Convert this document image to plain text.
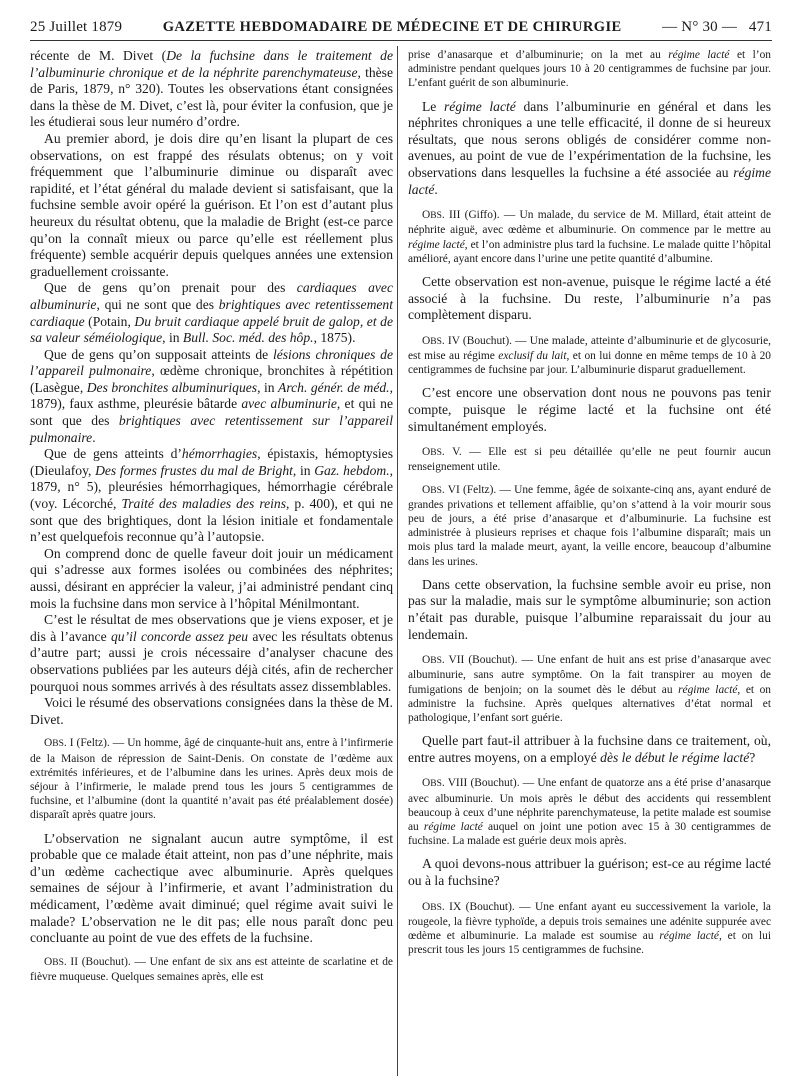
25 Juillet 1879	GAZETTE HEBDOMADAIRE DE MÉDECINE ET DE CHIRURGIE	— N° 30 — 471

récente de M. Divet (De la fuchsine dans le traitement de l’albuminurie chronique et de la néphrite parenchymateuse, thèse de Paris, 1879, n° 320). Toutes les observations étant consignées dans la thèse de M. Divet, c’est là, pour éviter la confusion, que je les étudierai sous leur numéro d’ordre.

Au premier abord, je dois dire qu’en lisant la plupart de ces observations, on est frappé des résulats obtenus; on y voit fréquemment que l’albuminurie diminue ou disparaît avec rapidité, et l’état général du malade devient si satisfaisant, que la fuchsine semble avoir opéré la guérison. Et l’on est d’autant plus heureux du résultat obtenu, que la maladie de Bright (est-ce parce qu’on la connaît mieux ou parce qu’elle est réellement plus fréquente) semble acquérir depuis quelques années une extension graduellement croissante.

Que de gens qu’on prenait pour des cardiaques avec albuminurie, qui ne sont que des brightiques avec retentissement cardiaque (Potain, Du bruit cardiaque appelé bruit de galop, et de sa valeur séméiologique, in Bull. Soc. méd. des hôp., 1875).

Que de gens qu’on supposait atteints de lésions chroniques de l’appareil pulmonaire, œdème chronique, bronchites à répétition (Lasègue, Des bronchites albuminuriques, in Arch. génér. de méd., 1879), faux asthme, pleurésie bâtarde avec albuminurie, et qui ne sont que des brightiques avec retentissement sur l’appareil pulmonaire.

Que de gens atteints d’hémorrhagies, épistaxis, hémoptysies (Dieulafoy, Des formes frustes du mal de Bright, in Gaz. hebdom., 1879, n° 5), pleurésies hémorrhagiques, hémorrhagie cérébrale (voy. Lécorché, Traité des maladies des reins, p. 400), et qui ne sont que des brightiques, dont la lésion initiale et fondamentale n’est quelquefois reconnue qu’à l’autopsie.

On comprend donc de quelle faveur doit jouir un médicament qui s’adresse aux formes isolées ou combinées des néphrites; aussi, désirant en apprécier la valeur, j’ai administré pendant cinq mois la fuchsine dans mon service à l’hôpital Ménilmontant.

C’est le résultat de mes observations que je viens exposer, et je dis à l’avance qu’il concorde assez peu avec les résultats obtenus d’autre part; aussi je crois nécessaire d’analyser chacune des observations publiées par les auteurs déjà cités, afin de rechercher pourquoi nous sommes arrivés à des résultats assez dissemblables.

Voici le résumé des observations consignées dans la thèse de M. Divet.

OBS. I (Feltz). — Un homme, âgé de cinquante-huit ans, entre à l’infirmerie de la Maison de répression de Saint-Denis. On constate de l’œdème aux extrémités inférieures, et de l’albumine dans les urines. Après deux mois de séjour à l’infirmerie, le malade prend tous les jours 5 centigrammes de fuchsine, et l’albumine (dont la quantité n’avait pas été préalablement dosée) disparaît après quatre jours.

L’observation ne signalant aucun autre symptôme, il est probable que ce malade était atteint, non pas d’une néphrite, mais d’un œdème cachectique avec albuminurie. Après quelques semaines de séjour à l’infirmerie, et avant l’administration du médicament, l’œdème avait diminué; quel régime avait suivi le malade? L’observation ne le dit pas; elle nous paraît donc peu concluante au point de vue des effets de la fuchsine.

OBS. II (Bouchut). — Une enfant de six ans est atteinte de scarlatine et de fièvre muqueuse. Quelques semaines après, elle est

prise d’anasarque et d’albuminurie; on la met au régime lacté et l’on administre pendant quelques jours 10 à 20 centigrammes de fuchsine par jour. L’enfant guérit de son albuminurie.

Le régime lacté dans l’albuminurie en général et dans les néphrites chroniques a une telle efficacité, il donne de si heureux résultats, que nous serons obligés de considérer comme non-avenues, au point de vue de l’expérimentation de la fuchsine, les observations dans lesquelles la fuchsine a été associée au régime lacté.

OBS. III (Giffo). — Un malade, du service de M. Millard, était atteint de néphrite aiguë, avec œdème et albuminurie. On commence par le mettre au régime lacté, et l’on administre plus tard la fuchsine. Le malade quitte l’hôpital amélioré, ayant encore dans l’urine une petite quantité d’albumine.

Cette observation est non-avenue, puisque le régime lacté a été associé à la fuchsine. Du reste, l’albuminurie n’a pas complètement disparu.

OBS. IV (Bouchut). — Une malade, atteinte d’albuminurie et de glycosurie, est mise au régime exclusif du lait, et on lui donne en même temps de 10 à 20 centigrammes de fuchsine par jour. L’albuminurie disparut graduellement.

C’est encore une observation dont nous ne pouvons pas tenir compte, puisque le régime lacté et la fuchsine ont été simultanément employés.

OBS. V. — Elle est si peu détaillée qu’elle ne peut fournir aucun renseignement utile.

OBS. VI (Feltz). — Une femme, âgée de soixante-cinq ans, ayant enduré de grandes privations et tellement affaiblie, qu’on s’attend à la voir mourir sous peu de jours, a été prise d’anasarque et d’albuminurie. La fuchsine est administrée à plusieurs reprises et chaque fois l’albumine disparaît; mais un mois plus tard la malade meurt, ayant, la veille encore, beaucoup d’albumine dans les urines.

Dans cette observation, la fuchsine semble avoir eu prise, non pas sur la maladie, mais sur le symptôme albuminurie; son action n’était pas durable, puisque l’albumine reparaissait du jour au lendemain.

OBS. VII (Bouchut). — Une enfant de huit ans est prise d’anasarque avec albuminurie, sans autre symptôme. On la fait transpirer au moyen de fumigations de benjoin; on la soumet dès le début au régime lacté, et on administre la fuchsine. Après quelques alternatives d’état normal et pathologique, l’enfant sort guérie.

Quelle part faut-il attribuer à la fuchsine dans ce traitement, où, entre autres moyens, on a employé dès le début le régime lacté?

OBS. VIII (Bouchut). — Une enfant de quatorze ans a été prise d’anasarque avec albuminurie. Un mois après le début des accidents qui ressemblent beaucoup à ceux d’une néphrite parenchymateuse, la petite malade est soumise au régime lacté auquel on joint une potion avec 15 à 30 centigrammes de fuchsine. La malade est guérie deux mois après.

A quoi devons-nous attribuer la guérison; est-ce au régime lacté ou à la fuchsine?

OBS. IX (Bouchut). — Une enfant ayant eu successivement la variole, la rougeole, la fièvre typhoïde, a depuis trois semaines une adénite suppurée avec œdème et albuminurie. La malade est soumise au régime lacté, et on lui prescrit tous les jours 15 centigrammes de fuchsine.
